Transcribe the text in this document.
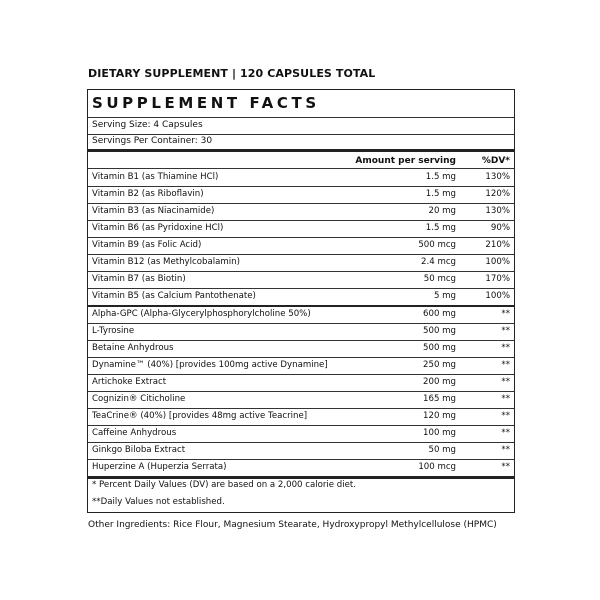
DIETARY SUPPLEMENT | 120 CAPSULES TOTAL
SUPPLEMENT FACTS
Serving Size: 4 Capsules
Servings Per Container: 30
Amount per serving	%DV*
Vitamin B1 (as Thiamine HCl)	1.5 mg	130%
Vitamin B2 (as Riboflavin)	1.5 mg	120%
Vitamin B3 (as Niacinamide)	20 mg	130%
Vitamin B6 (as Pyridoxine HCl)	1.5 mg	90%
Vitamin B9 (as Folic Acid)	500 mcg	210%
Vitamin B12 (as Methylcobalamin)	2.4 mcg	100%
Vitamin B7 (as Biotin)	50 mcg	170%
Vitamin B5 (as Calcium Pantothenate)	5 mg	100%
Alpha-GPC (Alpha-Glycerylphosphorylcholine 50%)	600 mg	**
L-Tyrosine	500 mg	**
Betaine Anhydrous	500 mg	**
Dynamine™ (40%) [provides 100mg active Dynamine]	250 mg	**
Artichoke Extract	200 mg	**
Cognizin® Citicholine	165 mg	**
TeaCrine® (40%) [provides 48mg active Teacrine]	120 mg	**
Caffeine Anhydrous	100 mg	**
Ginkgo Biloba Extract	50 mg	**
Huperzine A (Huperzia Serrata)	100 mcg	**
* Percent Daily Values (DV) are based on a 2,000 calorie diet.
**Daily Values not established.
Other Ingredients: Rice Flour, Magnesium Stearate, Hydroxypropyl Methylcellulose (HPMC)
